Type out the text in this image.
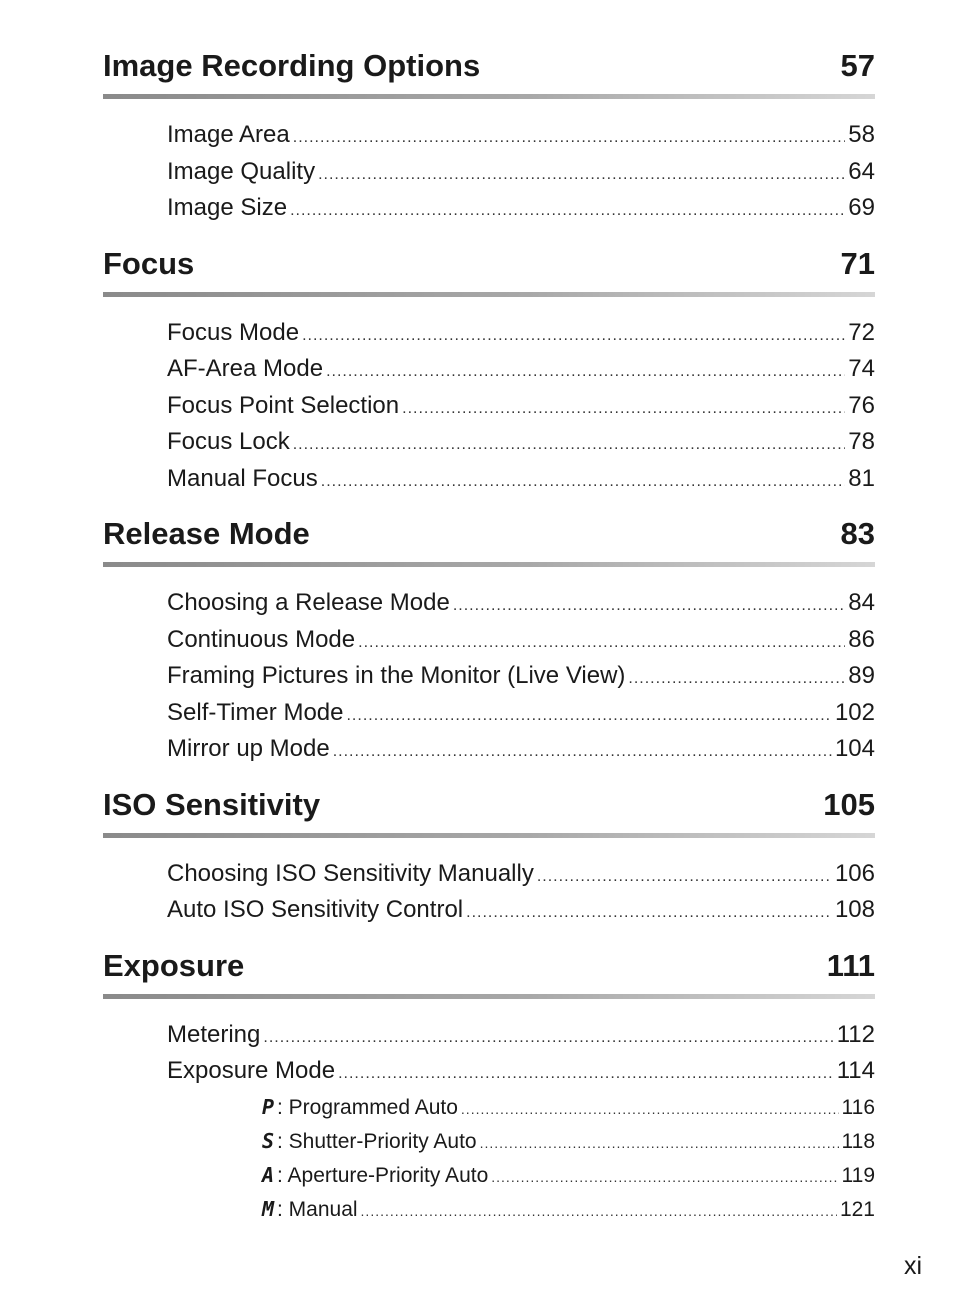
Image Recording Options	57
Image Area .....	58
Image Quality .....	64
Image Size .....	69
Focus	71
Focus Mode .....	72
AF-Area Mode .....	74
Focus Point Selection .....	76
Focus Lock .....	78
Manual Focus .....	81
Release Mode	83
Choosing a Release Mode .....	84
Continuous Mode .....	86
Framing Pictures in the Monitor (Live View) .....	89
Self-Timer Mode .....	102
Mirror up Mode .....	104
ISO Sensitivity	105
Choosing ISO Sensitivity Manually .....	106
Auto ISO Sensitivity Control .....	108
Exposure	111
Metering .....	112
Exposure Mode .....	114
P : Programmed Auto .....	116
S : Shutter-Priority Auto .....	118
A : Aperture-Priority Auto .....	119
M : Manual .....	121
xi
